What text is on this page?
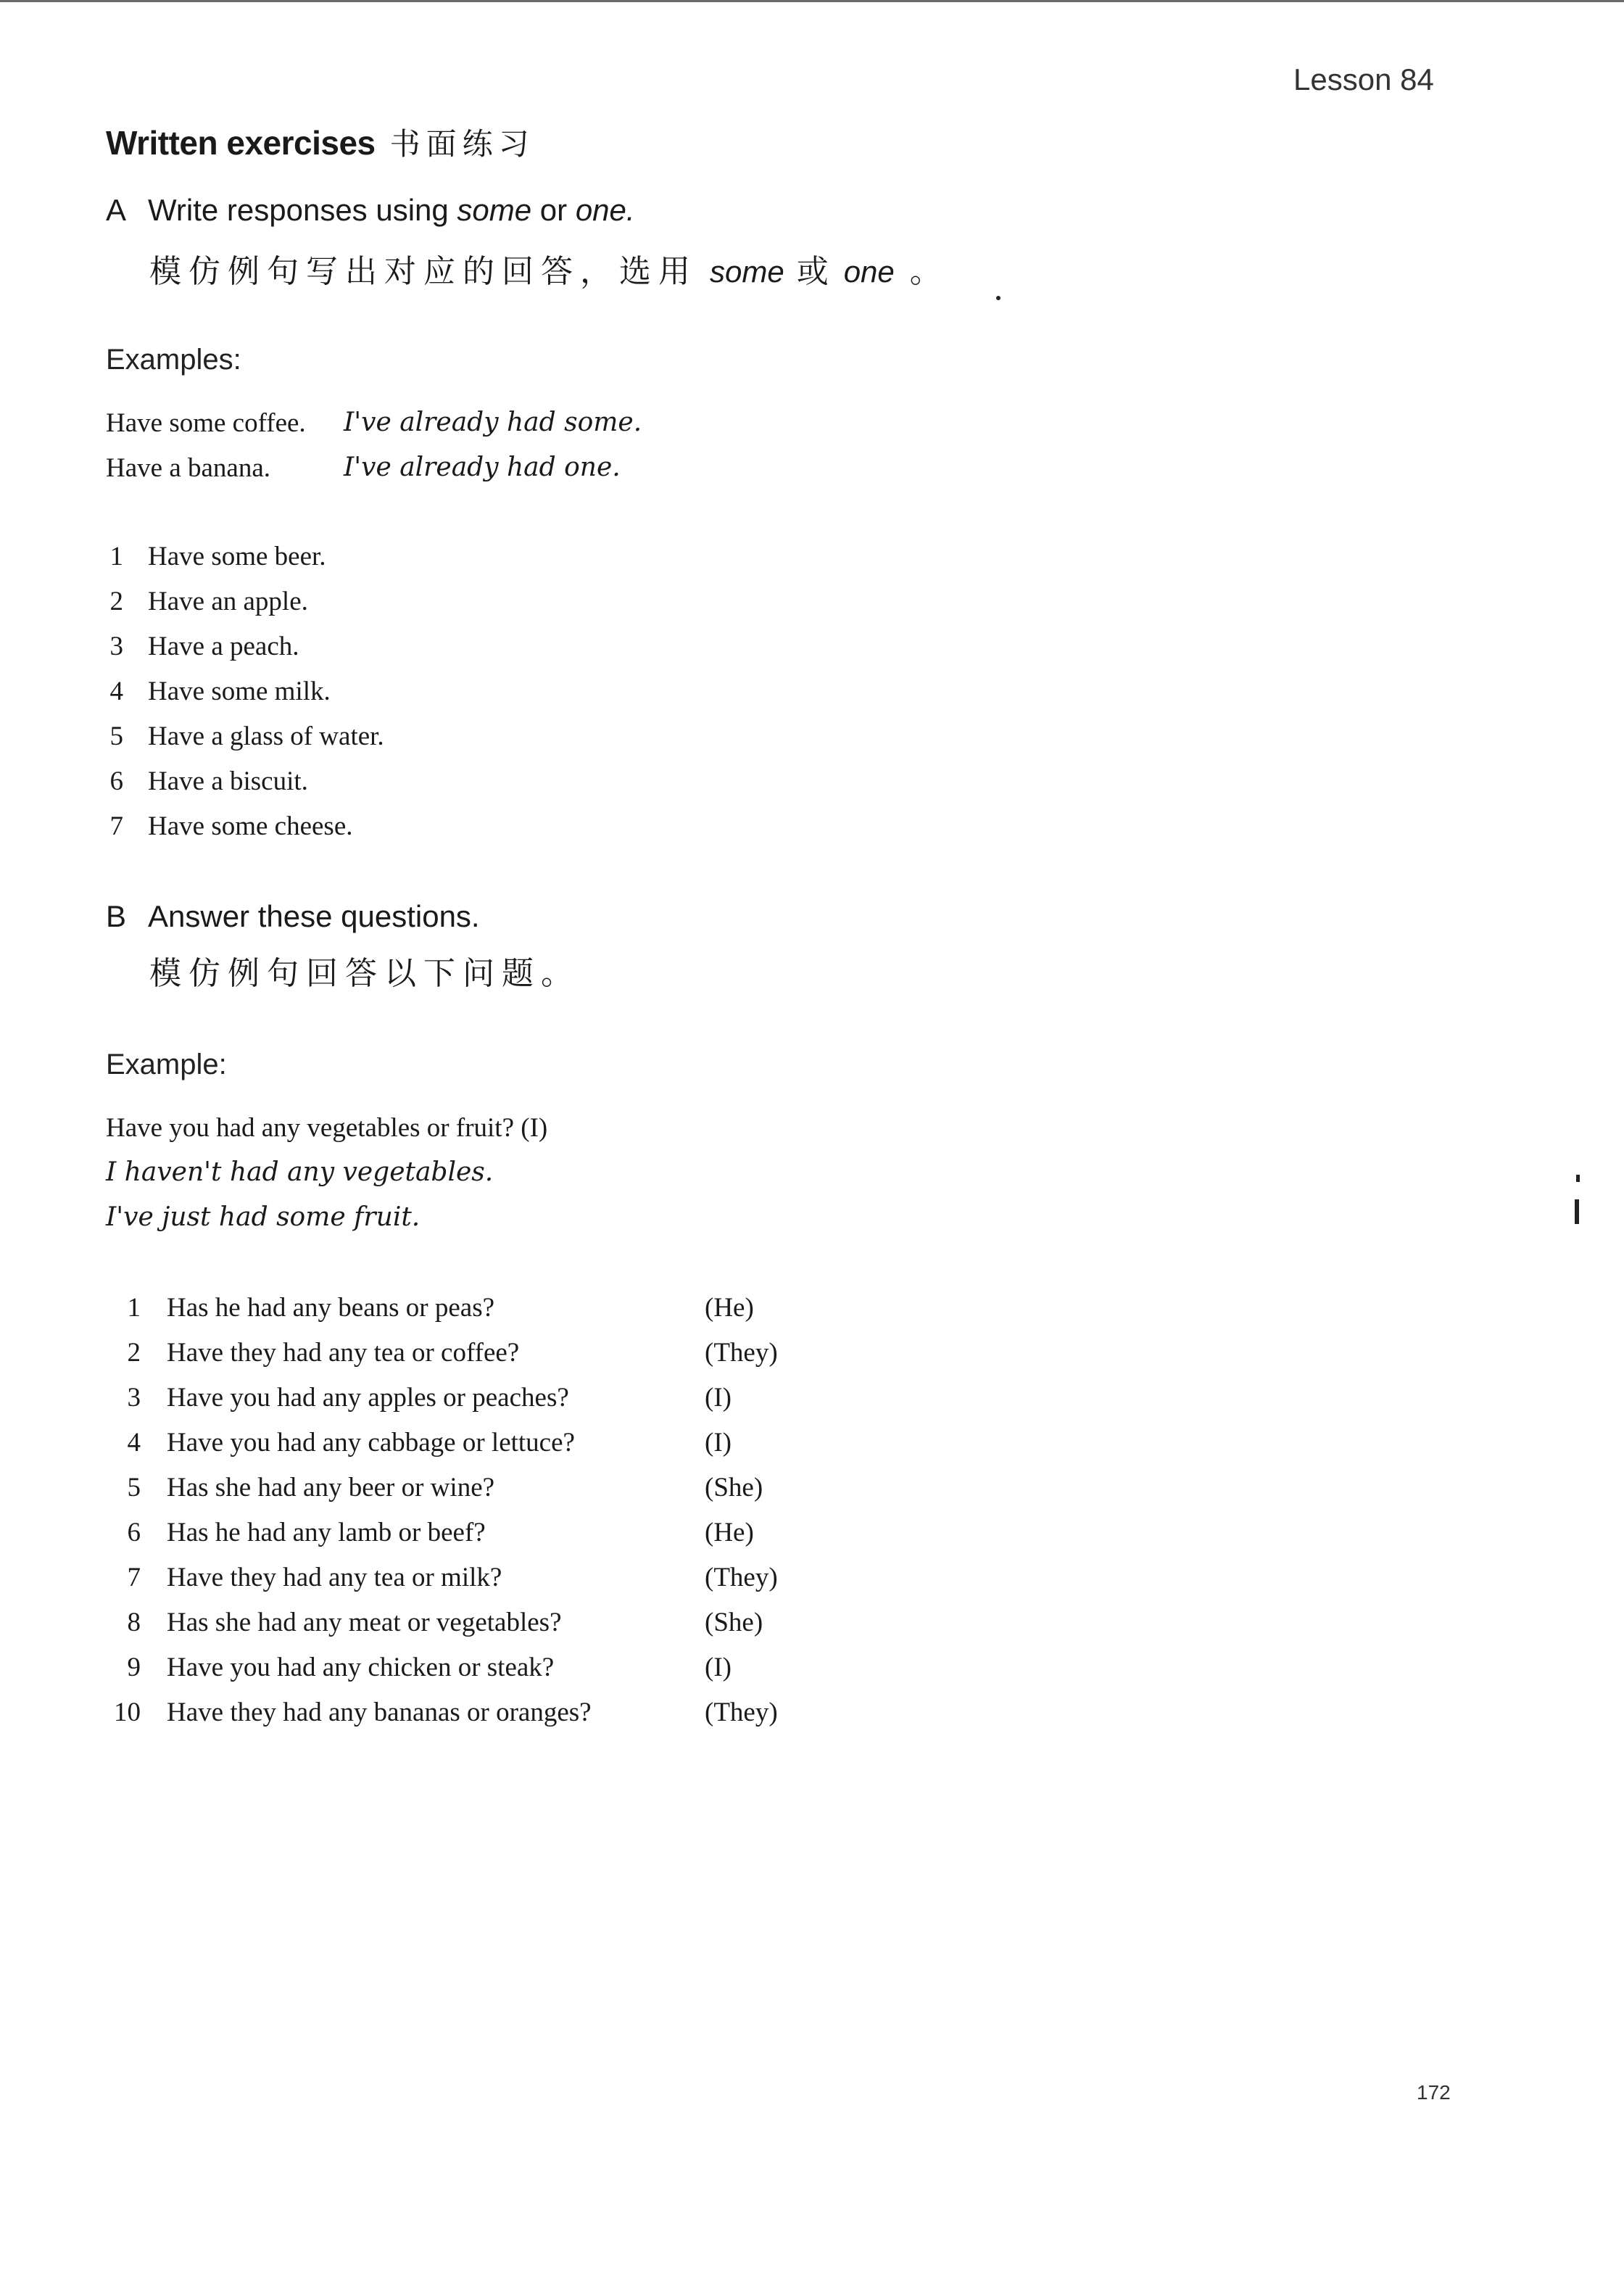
Lesson 84
Written exercises 书面练习
A Write responses using some or one.
模仿例句写出对应的回答，选用 some 或 one 。
Examples:
Have some coffee. I've already had some.
Have a banana.	I've already had one.
1 Have some beer.
2 Have an apple.
3 Have a peach.
4 Have some milk.
5 Have a glass of water.
6 Have a biscuit.
7 Have some cheese.
B Answer these questions.
模仿例句回答以下问题。
Example:
Have you had any vegetables or fruit? (I)
I haven't had any vegetables.
I've just had some fruit.
1 Has he had any beans or peas?	(He)
2 Have they had any tea or coffee?	(They)
3 Have you had any apples or peaches?	(I)
4 Have you had any cabbage or lettuce?	(I)
5 Has she had any beer or wine?	(She)
6 Has he had any lamb or beef?	(He)
7 Have they had any tea or milk?	(They)
8 Has she had any meat or vegetables?	(She)
9 Have you had any chicken or steak?	(I)
10 Have they had any bananas or oranges?	(They)
172
